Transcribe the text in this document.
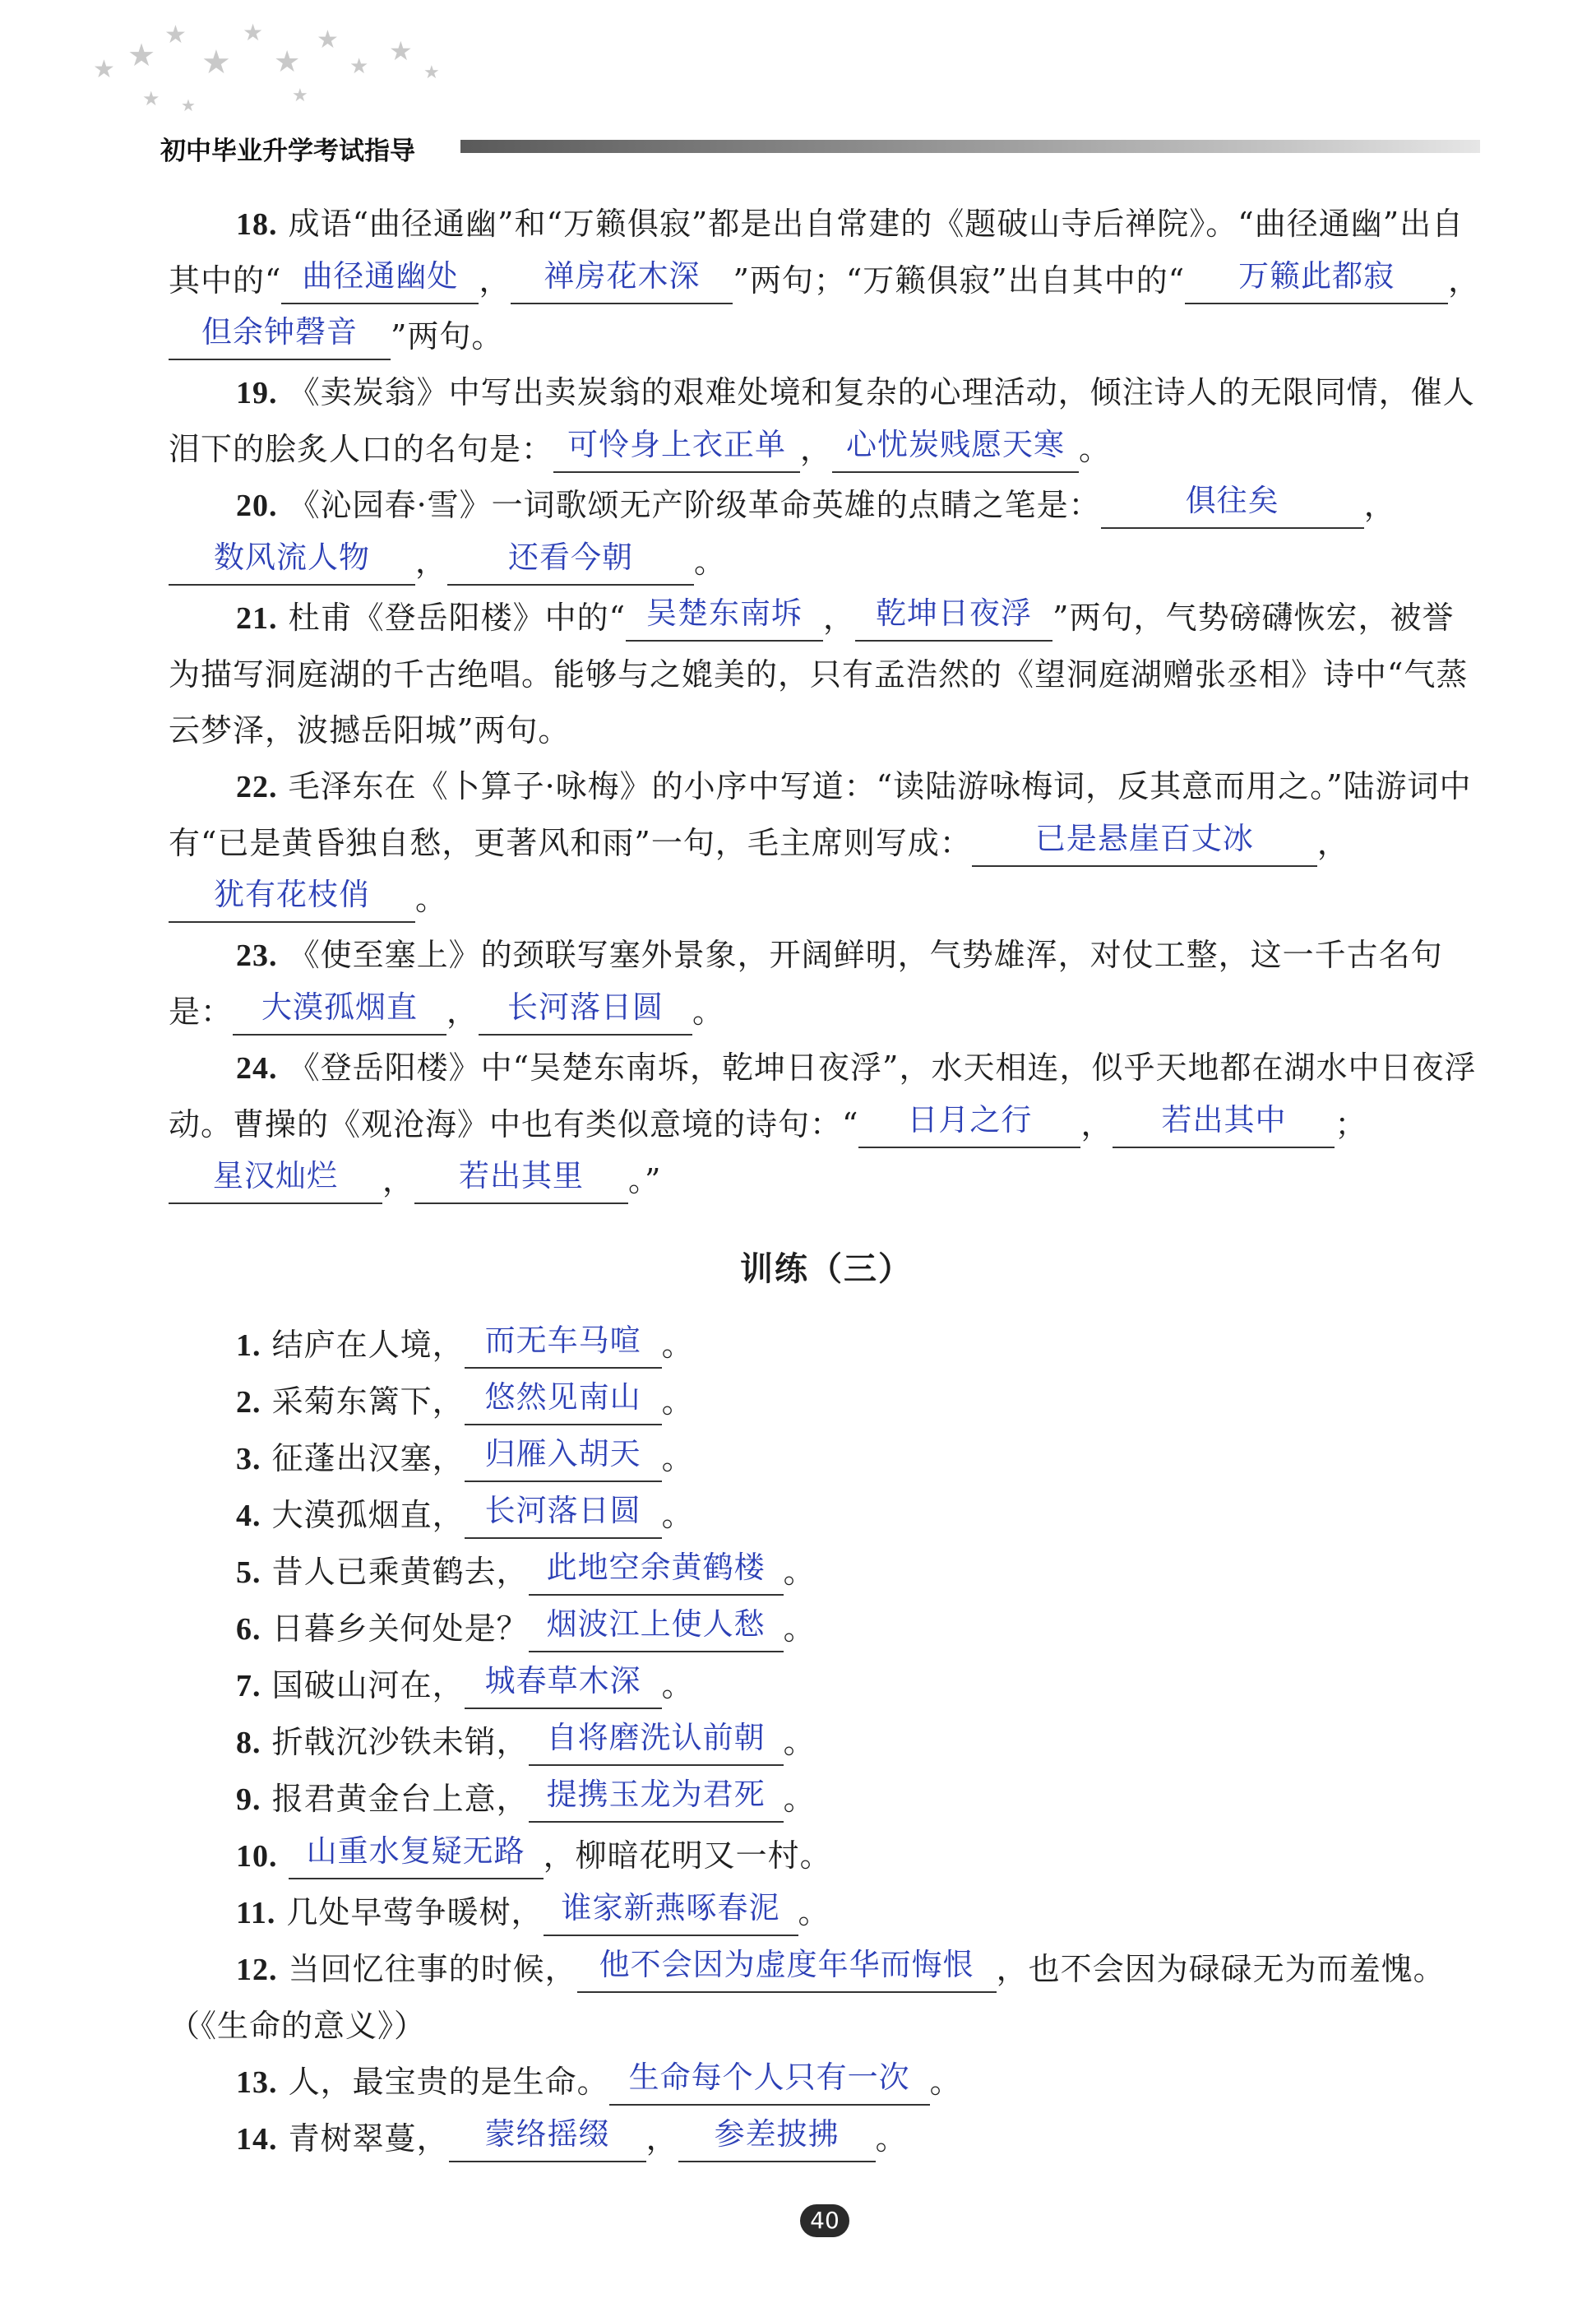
★ ★
★
★
★
★
★
★ ★
★
★ ★	★
初中毕业升学考试指导

18. 成语“曲径通幽”和“万籁俱寂”都是出自常建的《题破山寺后禅院》。“曲径通幽”出自其中的“ 曲径通幽处 ， 禅房花木深 ”两句；“万籁俱寂”出自其中的“ 万籁此都寂 ，但余钟磬音 ”两句。

19. 《卖炭翁》中写出卖炭翁的艰难处境和复杂的心理活动，倾注诗人的无限同情，催人泪下的脍炙人口的名句是： 可怜身上衣正单 ， 心忧炭贱愿天寒 。

20. 《沁园春·雪》一词歌颂无产阶级革命英雄的点睛之笔是：	俱往矣	，数风流人物 ， 还看今朝 。

21. 杜甫《登岳阳楼》中的“ 吴楚东南坼 ， 乾坤日夜浮 ”两句，气势磅礴恢宏，被誉为描写洞庭湖的千古绝唱。能够与之媲美的，只有孟浩然的《望洞庭湖赠张丞相》诗中“气蒸云梦泽，波撼岳阳城”两句。

22. 毛泽东在《卜算子·咏梅》的小序中写道：“读陆游咏梅词，反其意而用之。”陆游词中有“已是黄昏独自愁，更著风和雨”一句，毛主席则写成： 已是悬崖百丈冰 ，犹有花枝俏 。

23. 《使至塞上》的颈联写塞外景象，开阔鲜明，气势雄浑，对仗工整，这一千古名句是： 大漠孤烟直 ， 长河落日圆 。

24. 《登岳阳楼》中“吴楚东南坼，乾坤日夜浮”，水天相连，似乎天地都在湖水中日夜浮动。曹操的《观沧海》中也有类似意境的诗句：“ 日月之行 ， 若出其中 ；星汉灿烂 ， 若出其里 。”

训练（三）

1. 结庐在人境， 而无车马喧 。

2. 采菊东篱下， 悠然见南山 。

3. 征蓬出汉塞， 归雁入胡天 。

4. 大漠孤烟直， 长河落日圆 。

5. 昔人已乘黄鹤去， 此地空余黄鹤楼 。

6. 日暮乡关何处是？ 烟波江上使人愁 。

7. 国破山河在， 城春草木深 。

8. 折戟沉沙铁未销， 自将磨洗认前朝 。

9. 报君黄金台上意， 提携玉龙为君死 。

10. 山重水复疑无路 ，柳暗花明又一村。

11. 几处早莺争暖树， 谁家新燕啄春泥 。

12. 当回忆往事的时候， 他不会因为虚度年华而悔恨 ，也不会因为碌碌无为而羞愧。（《生命的意义》）

13. 人，最宝贵的是生命。 生命每个人只有一次 。

14. 青树翠蔓， 蒙络摇缀 ， 参差披拂 。

40
